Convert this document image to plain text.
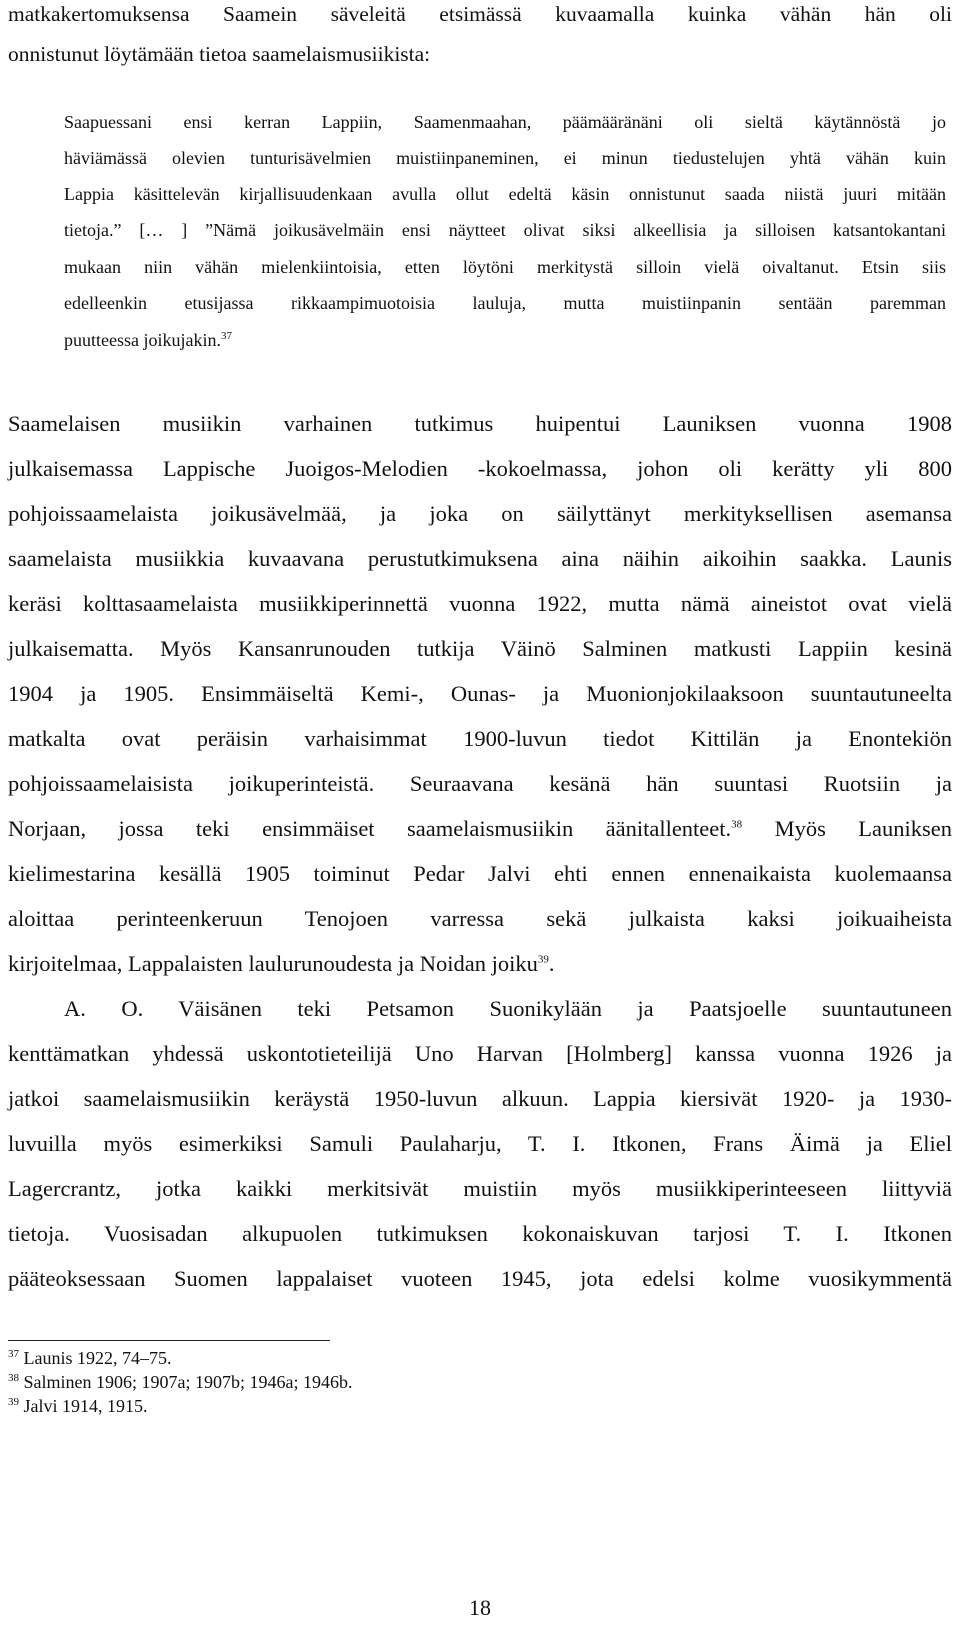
matkakertomuksensa Saamein säveleitä etsimässä kuvaamalla kuinka vähän hän oli
onnistunut löytämään tietoa saamelaismusiikista:
Saapuessani ensi kerran Lappiin, Saamenmaahan, päämääränäni oli sieltä käytännöstä jo
häviämässä olevien tunturisävelmien muistiinpaneminen, ei minun tiedustelujen yhtä vähän kuin
Lappia käsittelevän kirjallisuudenkaan avulla ollut edeltä käsin onnistunut saada niistä juuri mitään
tietoja.” [… ] ”Nämä joikusävelmäin ensi näytteet olivat siksi alkeellisia ja silloisen katsantokantani
mukaan niin vähän mielenkiintoisia, etten löytöni merkitystä silloin vielä oivaltanut. Etsin siis
edelleenkin etusijassa rikkaampimuotoisia lauluja, mutta muistiinpanin sentään paremman
puutteessa joikujakin.$^{37}$
Saamelaisen musiikin varhainen tutkimus huipentui Launiksen vuonna 1908
julkaisemassa Lappische Juoigos-Melodien -kokoelmassa, johon oli kerätty yli 800
pohjoissaamelaista joikusävelmää, ja joka on säilyttänyt merkityksellisen asemansa
saamelaista musiikkia kuvaavana perustutkimuksena aina näihin aikoihin saakka. Launis
keräsi kolttasaamelaista musiikkiperinnettä vuonna 1922, mutta nämä aineistot ovat vielä
julkaisematta. Myös Kansanrunouden tutkija Väinö Salminen matkusti Lappiin kesinä
1904 ja 1905. Ensimmäiseltä Kemi-, Ounas- ja Muonionjokilaaksoon suuntautuneelta
matkalta ovat peräisin varhaisimmat 1900-luvun tiedot Kittilän ja Enontekiön
pohjoissaamelaisista joikuperinteistä. Seuraavana kesänä hän suuntasi Ruotsiin ja
Norjaan, jossa teki ensimmäiset saamelaismusiikin äänitallenteet.$^{38}$ Myös Launiksen
kielimestarina kesällä 1905 toiminut Pedar Jalvi ehti ennen ennenaikaista kuolemaansa
aloittaa perinteenkeruun Tenojoen varressa sekä julkaista kaksi joikuaiheista
kirjoitelmaa, Lappalaisten laulurunoudesta ja Noidan joiku$^{39}$.
A. O. Väisänen teki Petsamon Suonikylään ja Paatsjoelle suuntautuneen
kenttämatkan yhdessä uskontotieteilijä Uno Harvan [Holmberg] kanssa vuonna 1926 ja
jatkoi saamelaismusiikin keräystä 1950-luvun alkuun. Lappia kiersivät 1920- ja 1930-
luvuilla myös esimerkiksi Samuli Paulaharju, T. I. Itkonen, Frans Äimä ja Eliel
Lagercrantz, jotka kaikki merkitsivät muistiin myös musiikkiperinteeseen liittyviä
tietoja. Vuosisadan alkupuolen tutkimuksen kokonaiskuvan tarjosi T. I. Itkonen
pääteoksessaan Suomen lappalaiset vuoteen 1945, jota edelsi kolme vuosikymmentä
$^{37}$ Launis 1922, 74–75.
$^{38}$ Salminen 1906; 1907a; 1907b; 1946a; 1946b.
$^{39}$ Jalvi 1914, 1915.
18
